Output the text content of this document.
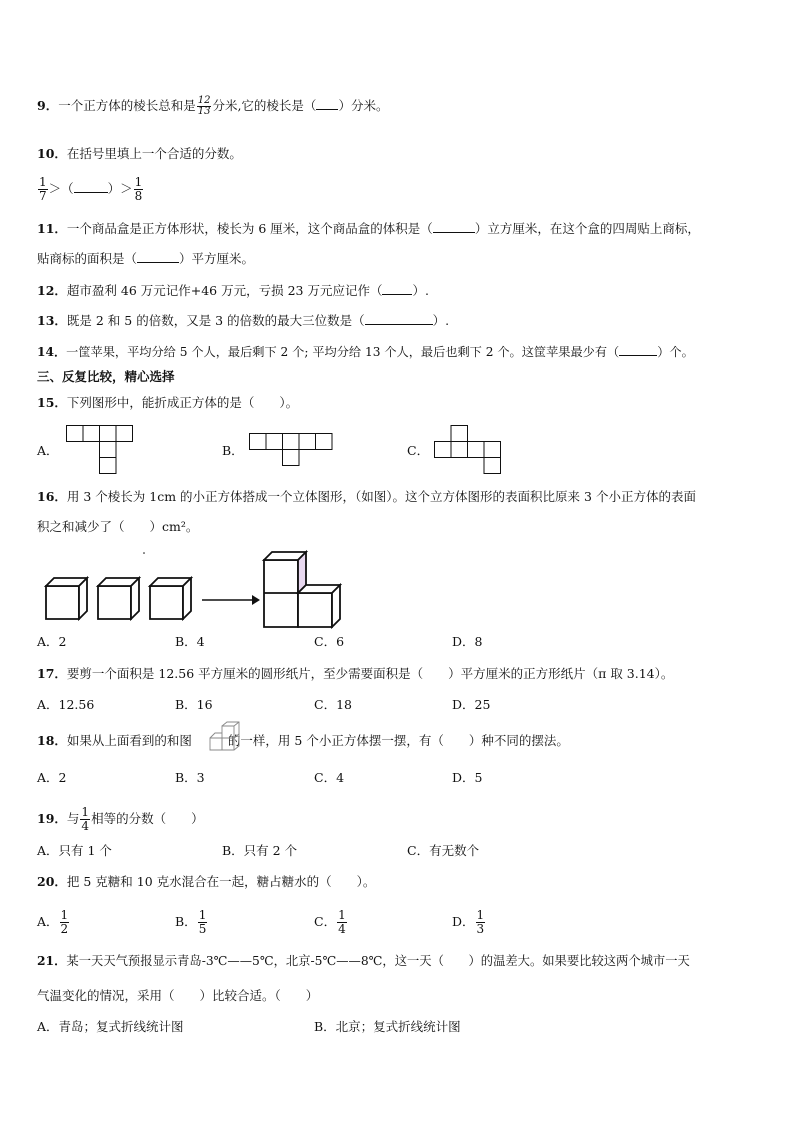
9．一个正方体的棱长总和是 $\frac{12}{13}$ 分米,它的棱长是（ ）分米。
10．在括号里填上一个合适的分数。
$\frac{1}{7}$ ＞（	）＞ $\frac{1}{8}$
11．一个商品盒是正方体形状，棱长为 6 厘米，这个商品盒的体积是（	）立方厘米，在这个盒的四周贴上商标，
贴商标的面积是（	）平方厘米。
12．超市盈利 46 万元记作+46 万元，亏损 23 万元应记作（ ）.
13．既是 2 和 5 的倍数，又是 3 的倍数的最大三位数是（	）.
14．一筐苹果，平均分给 5 个人，最后剩下 2 个; 平均分给 13 个人，最后也剩下 2 个。这筐苹果最少有（	）个。
三、反复比较，精心选择
15．下列图形中，能折成正方体的是（　　）。
A．	B．	C．
16．用 3 个棱长为 1cm 的小正方体搭成一个立体图形，（如图）。这个立方体图形的表面积比原来 3 个小正方体的表面
积之和减少了（　　）cm²。
A．2	B．4	C．6	D．8
17．要剪一个面积是 12.56 平方厘米的圆形纸片，至少需要面积是（　　）平方厘米的正方形纸片（π 取 3.14）。
A．12.56	B．16	C．18	D．25
18．如果从上面看到的和图	的一样，用 5 个小正方体摆一摆，有（　　）种不同的摆法。
A．2	B．3	C．4	D．5
19．与 $\frac{1}{4}$ 相等的分数（　　）
A．只有 1 个	B．只有 2 个	C．有无数个
20．把 5 克糖和 10 克水混合在一起，糖占糖水的（　　）。
A． $\frac{1}{2}$	B． $\frac{1}{5}$	C． $\frac{1}{4}$	D． $\frac{1}{3}$
21．某一天天气预报显示青岛-3℃——5℃，北京-5℃——8℃，这一天（　　）的温差大。如果要比较这两个城市一天
气温变化的情况，采用（　　）比较合适。（　　）
A．青岛；复式折线统计图	B．北京；复式折线统计图
